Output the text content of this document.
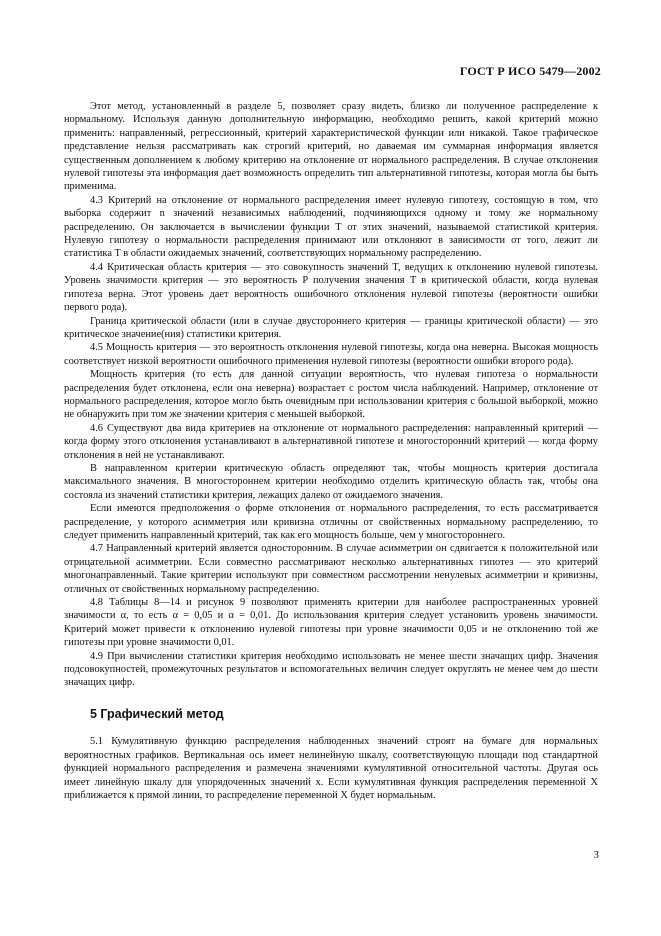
ГОСТ Р ИСО 5479—2002

Этот метод, установленный в разделе 5, позволяет сразу видеть, близко ли полученное распределение к нормальному. Используя данную дополнительную информацию, необходимо решить, какой критерий можно применить: направленный, регрессионный, критерий характеристической функции или никакой. Такое графическое представление нельзя рассматривать как строгий критерий, но даваемая им суммарная информация является существенным дополнением к любому критерию на отклонение от нормального распределения. В случае отклонения нулевой гипотезы эта информация дает возможность определить тип альтернативной гипотезы, которая могла бы быть применима.

4.3 Критерий на отклонение от нормального распределения имеет нулевую гипотезу, состоящую в том, что выборка содержит n значений независимых наблюдений, подчиняющихся одному и тому же нормальному распределению. Он заключается в вычислении функции T от этих значений, называемой статистикой критерия. Нулевую гипотезу о нормальности распределения принимают или отклоняют в зависимости от того, лежит ли статистика T в области ожидаемых значений, соответствующих нормальному распределению.

4.4 Критическая область критерия — это совокупность значений T, ведущих к отклонению нулевой гипотезы. Уровень значимости критерия — это вероятность P получения значения T в критической области, когда нулевая гипотеза верна. Этот уровень дает вероятность ошибочного отклонения нулевой гипотезы (вероятности ошибки первого рода).

Граница критической области (или в случае двустороннего критерия — границы критической области) — это критическое значение(ния) статистики критерия.

4.5 Мощность критерия — это вероятность отклонения нулевой гипотезы, когда она неверна. Высокая мощность соответствует низкой вероятности ошибочного применения нулевой гипотезы (вероятности ошибки второго рода).

Мощность критерия (то есть для данной ситуации вероятность, что нулевая гипотеза о нормальности распределения будет отклонена, если она неверна) возрастает с ростом числа наблюдений. Например, отклонение от нормального распределения, которое могло быть очевидным при использовании критерия с большой выборкой, можно не обнаружить при том же значении критерия с меньшей выборкой.

4.6 Существуют два вида критериев на отклонение от нормального распределения: направленный критерий — когда форму этого отклонения устанавливают в альтернативной гипотезе и многосторонний критерий — когда форму отклонения в ней не устанавливают.

В направленном критерии критическую область определяют так, чтобы мощность критерия достигала максимального значения. В многостороннем критерии необходимо отделить критическую область так, чтобы она состояла из значений статистики критерия, лежащих далеко от ожидаемого значения.

Если имеются предположения о форме отклонения от нормального распределения, то есть рассматривается распределение, у которого асимметрия или кривизна отличны от свойственных нормальному распределению, то следует применить направленный критерий, так как его мощность больше, чем у многостороннего.

4.7 Направленный критерий является односторонним. В случае асимметрии он сдвигается к положительной или отрицательной асимметрии. Если совместно рассматривают несколько альтернативных гипотез — это критерий многонаправленный. Такие критерии используют при совместном рассмотрении ненулевых асимметрии и кривизны, отличных от свойственных нормальному распределению.

4.8 Таблицы 8—14 и рисунок 9 позволяют применять критерии для наиболее распространенных уровней значимости α, то есть α = 0,05 и α = 0,01. До использования критерия следует установить уровень значимости. Критерий может привести к отклонению нулевой гипотезы при уровне значимости 0,05 и не отклонению той же гипотезы при уровне значимости 0,01.

4.9 При вычислении статистики критерия необходимо использовать не менее шести значащих цифр. Значения подсовокупностей, промежуточных результатов и вспомогательных величин следует округлять не менее чем до шести значащих цифр.

5 Графический метод

5.1 Кумулятивную функцию распределения наблюденных значений строят на бумаге для нормальных вероятностных графиков. Вертикальная ось имеет нелинейную шкалу, соответствующую площади под стандартной функцией нормального распределения и размечена значениями кумулятивной относительной частоты. Другая ось имеет линейную шкалу для упорядоченных значений x. Если кумулятивная функция распределения переменной X приближается к прямой линии, то распределение переменной X будет нормальным.

3
